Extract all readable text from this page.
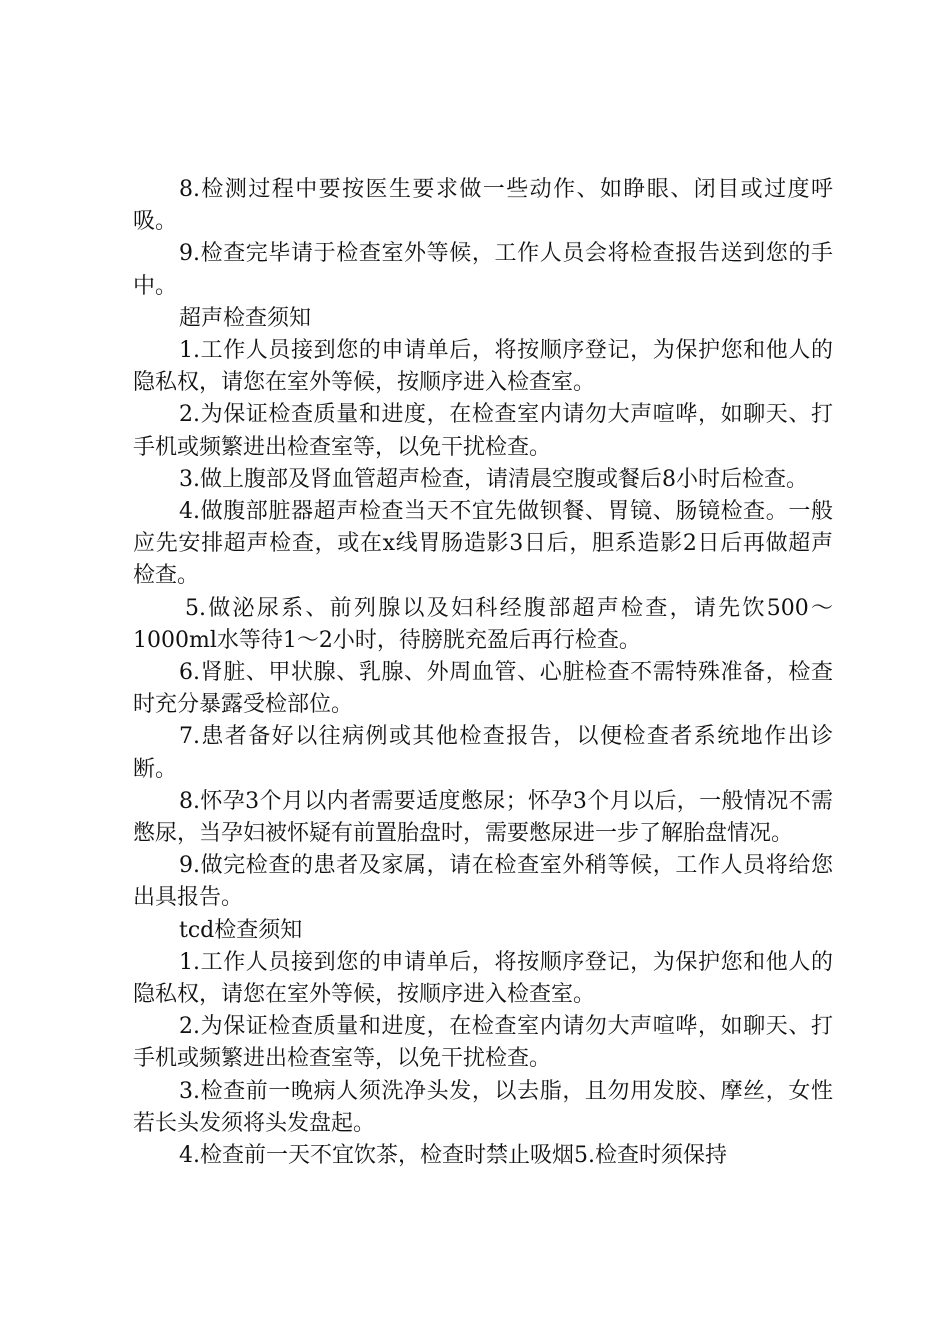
8.检测过程中要按医生要求做一些动作、如睁眼、闭目或过度呼吸。

9.检查完毕请于检查室外等候，工作人员会将检查报告送到您的手中。

超声检查须知

1.工作人员接到您的申请单后，将按顺序登记，为保护您和他人的隐私权，请您在室外等候，按顺序进入检查室。

2.为保证检查质量和进度，在检查室内请勿大声喧哗，如聊天、打手机或频繁进出检查室等，以免干扰检查。

3.做上腹部及肾血管超声检查，请清晨空腹或餐后8小时后检查。

4.做腹部脏器超声检查当天不宜先做钡餐、胃镜、肠镜检查。一般应先安排超声检查，或在x线胃肠造影3日后，胆系造影2日后再做超声检查。

5.做泌尿系、前列腺以及妇科经腹部超声检查，请先饮500～1000ml水等待1～2小时，待膀胱充盈后再行检查。

6.肾脏、甲状腺、乳腺、外周血管、心脏检查不需特殊准备，检查时充分暴露受检部位。

7.患者备好以往病例或其他检查报告，以便检查者系统地作出诊断。

8.怀孕3个月以内者需要适度憋尿；怀孕3个月以后，一般情况不需憋尿，当孕妇被怀疑有前置胎盘时，需要憋尿进一步了解胎盘情况。

9.做完检查的患者及家属，请在检查室外稍等候，工作人员将给您出具报告。

tcd检查须知

1.工作人员接到您的申请单后，将按顺序登记，为保护您和他人的隐私权，请您在室外等候，按顺序进入检查室。

2.为保证检查质量和进度，在检查室内请勿大声喧哗，如聊天、打手机或频繁进出检查室等，以免干扰检查。

3.检查前一晚病人须洗净头发，以去脂，且勿用发胶、摩丝，女性若长头发须将头发盘起。

4.检查前一天不宜饮茶，检查时禁止吸烟5.检查时须保持
